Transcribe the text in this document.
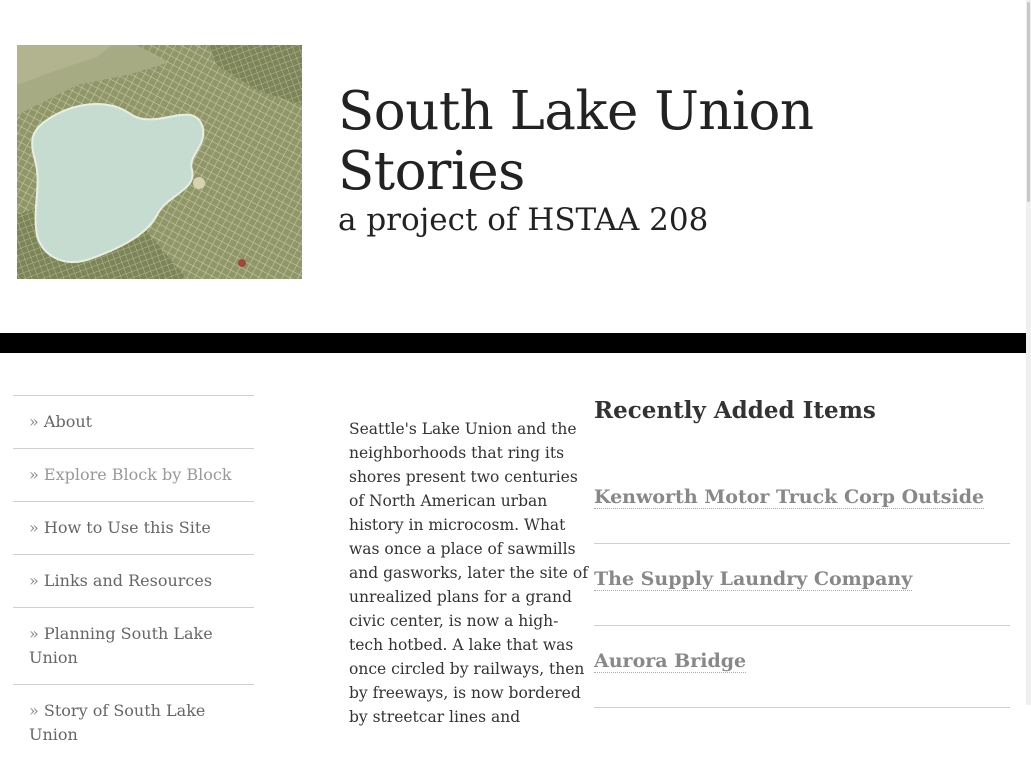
South Lake Union
Stories

a project of HSTAA 208

» About
» Explore Block by Block
» How to Use this Site
» Links and Resources
» Planning South Lake Union
» Story of South Lake Union

Seattle's Lake Union and the neighborhoods that ring its shores present two centuries of North American urban history in microcosm. What was once a place of sawmills and gasworks, later the site of unrealized plans for a grand civic center, is now a high-tech hotbed. A lake that was once circled by railways, then by freeways, is now bordered by streetcar lines and

Recently Added Items
Kenworth Motor Truck Corp Outside
The Supply Laundry Company
Aurora Bridge
